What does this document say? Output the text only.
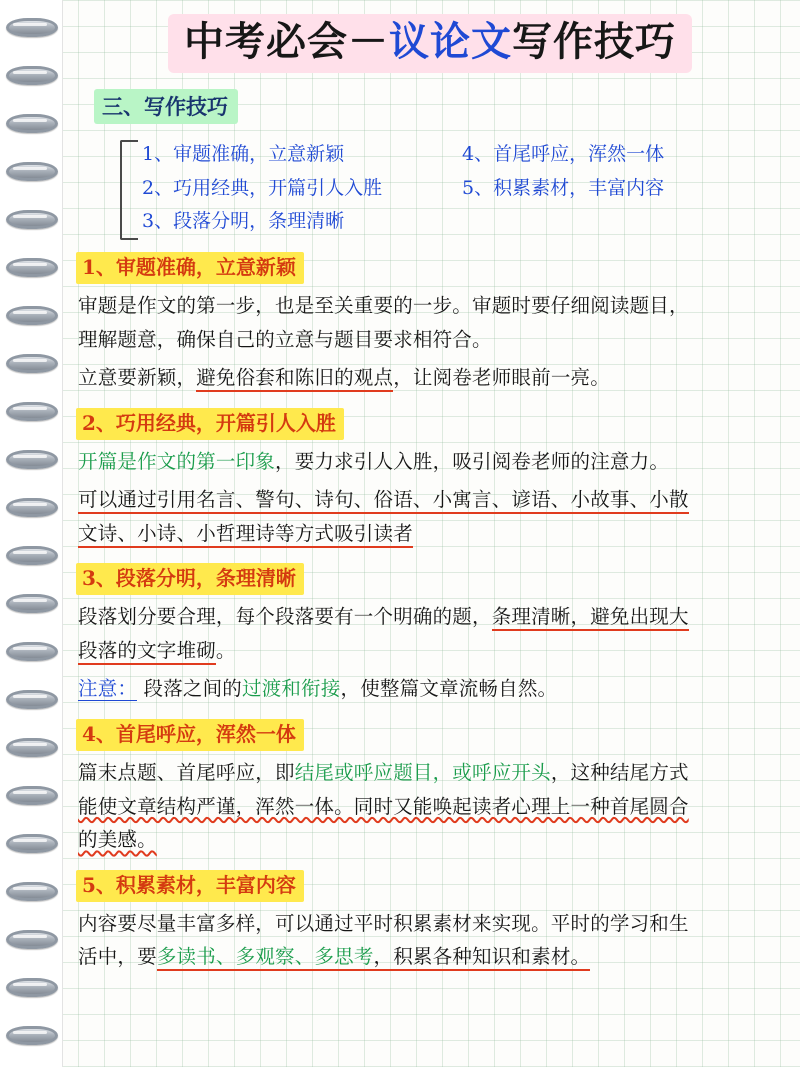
中考必会－议论文写作技巧
三、写作技巧
1、审题准确，立意新颖	4、首尾呼应，浑然一体
2、巧用经典，开篇引人入胜	5、积累素材，丰富内容
3、段落分明，条理清晰
1、审题准确，立意新颖
审题是作文的第一步，也是至关重要的一步。审题时要仔细阅读题目，
理解题意，确保自己的立意与题目要求相符合。
立意要新颖，避免俗套和陈旧的观点，让阅卷老师眼前一亮。
2、巧用经典，开篇引人入胜
开篇是作文的第一印象，要力求引人入胜，吸引阅卷老师的注意力。
可以通过引用名言、警句、诗句、俗语、小寓言、谚语、小故事、小散
文诗、小诗、小哲理诗等方式吸引读者
3、段落分明，条理清晰
段落划分要合理，每个段落要有一个明确的题，条理清晰，避免出现大
段落的文字堆砌。
注意： 段落之间的过渡和衔接，使整篇文章流畅自然。
4、首尾呼应，浑然一体
篇末点题、首尾呼应，即结尾或呼应题目，或呼应开头，这种结尾方式
能使文章结构严谨，浑然一体。同时又能唤起读者心理上一种首尾圆合
的美感。
5、积累素材，丰富内容
内容要尽量丰富多样，可以通过平时积累素材来实现。平时的学习和生
活中，要多读书、多观察、多思考，积累各种知识和素材。
